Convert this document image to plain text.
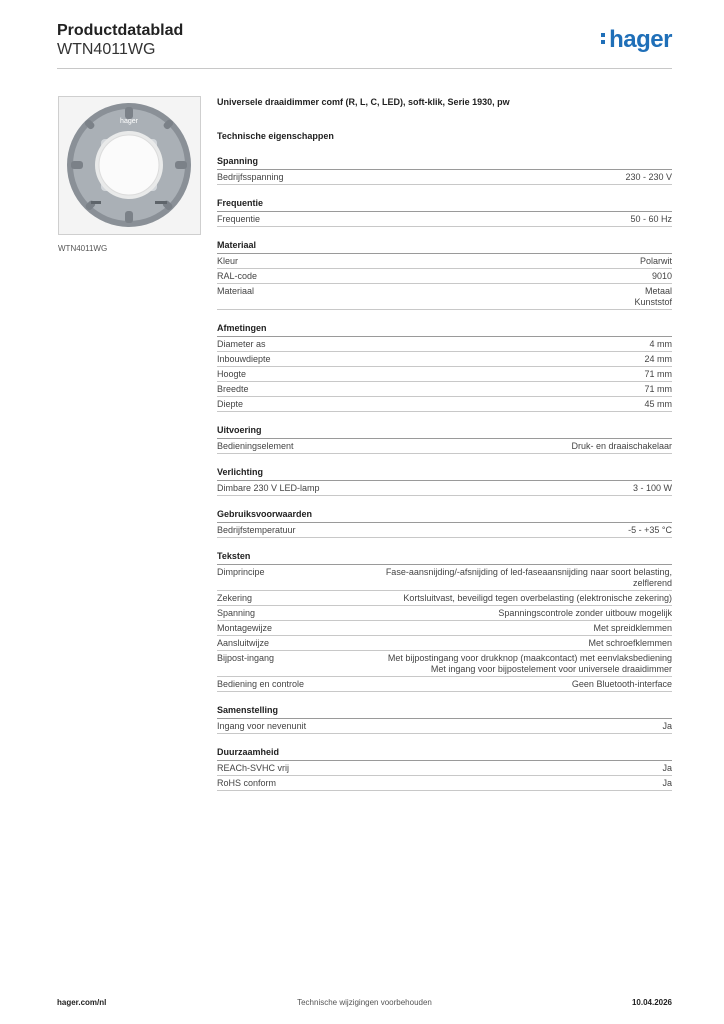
Productdatablad
WTN4011WG	hager
hager
WTN4011WG
Universele draaidimmer comf (R, L, C, LED), soft-klik, Serie 1930, pw
Technische eigenschappen
Spanning
Bedrijfsspanning	230 - 230 V
Frequentie
Frequentie	50 - 60 Hz
Materiaal
Kleur	Polarwit
RAL-code	9010
Materiaal	Metaal
Kunststof
Afmetingen
Diameter as	4 mm
Inbouwdiepte	24 mm
Hoogte	71 mm
Breedte	71 mm
Diepte	45 mm
Uitvoering
Bedieningselement	Druk- en draaischakelaar
Verlichting
Dimbare 230 V LED-lamp	3 - 100 W
Gebruiksvoorwaarden
Bedrijfstemperatuur	-5 - +35 °C
Teksten
Dimprincipe	Fase-aansnijding/-afsnijding of led-faseaansnijding naar soort belasting,
zelflerend
Zekering	Kortsluitvast, beveiligd tegen overbelasting (elektronische zekering)
Spanning	Spanningscontrole zonder uitbouw mogelijk
Montagewijze	Met spreidklemmen
Aansluitwijze	Met schroefklemmen
Bijpost-ingang	Met bijpostingang voor drukknop (maakcontact) met eenvlaksbediening
Met ingang voor bijpostelement voor universele draaidimmer
Bediening en controle	Geen Bluetooth-interface
Samenstelling
Ingang voor nevenunit	Ja
Duurzaamheid
REACh-SVHC vrij	Ja
RoHS conform	Ja
hager.com/nl	Technische wijzigingen voorbehouden	10.04.2026
